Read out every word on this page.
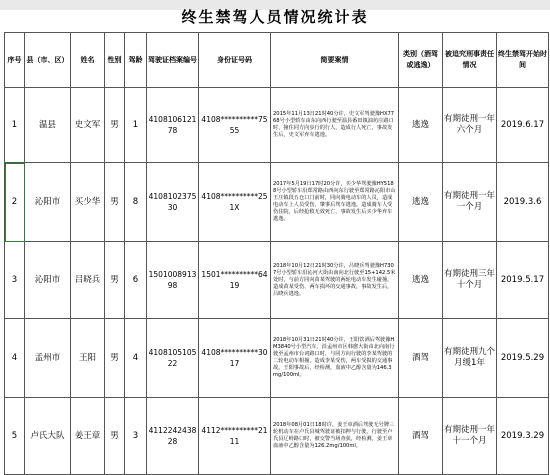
终生禁驾人员情况统计表
序号	县（市、区）	姓名	性别	驾龄	驾驶证档案编号	身份证号码	简要案情	类别（酒驾或逃逸）	被追究刑事责任情况	终生禁驾开始时间
1	温县	史文军	男	1	410810612178	4108**********7555	2015年11月13日21时40分许，史文军驾驶豫HX7768号小型轿车由东向西行驶至温县番田镇油坊庄路口时，撞住同方向步行的行人，造成行人死亡，事故发生后，史文军弃车逃逸。	逃逸	有期徒刑一年六个月	2019.6.17
2	沁阳市	买少华	男	8	410810237530	4108**********251X	2017年5月19日17时20分许，买少华驾驶豫HY5188号小型轿车沿郑常路由西向东行驶至郑常路沁阳市山王庄镇段五仓口门前时，同向骑电动车的人员，造成电动车上人员受伤，肇事后驾车逃逸，造成骑车人受伤住院，后经抢救无效死亡，事故发生后买少华弃车逃逸。	逃逸	有期徒刑一年一个月	2019.3.6
3	沁阳市	吕晓兵	男	6	150100891398	1501**********6419	2018年10月12日21时30分许，吕晓兵驾驶豫H7307号小型轿车沿沁河大街由南向北行驶至15+142.5米处时，与前方同向苗某驾驶的两轮电动车发生碰撞，造成苗某受伤、两车损坏的交通事故，事故发生后，吕晓兵逃逸。	逃逸	有期徒刑三年十个月	2019.5.17
4	孟州市	王阳	男	4	410810510522	4108**********3017	2018年10月31日21时40分许，王阳饮酒后驾驶豫HM3840号小型汽车，沿孟州市区韩愈大街由北向南行驶至孟州市台词路口时，与同方向行驶的李某驾驶的二轮电动车相撞，造成李某受伤，两车受损的交通事故。王阳事故后，经检测，血液中乙醇含量为146.3mg/100ml。	酒驾	有期徒刑九个月缓1年	2019.5.29
5	卢氏大队	姜王章	男	3	411224243828	4112**********2111	2018年08月01日18时许，姜王章酒后驾驶无号牌三轮机动车在卢氏县城驾驶证被扣押与行驶，行驶至卢氏县辽岭路口时，被交警当场查获，经检测，姜王章血液中乙醇含量为126.2mg/100ml。	酒驾	有期徒刑一年十一个月	2019.3.29
